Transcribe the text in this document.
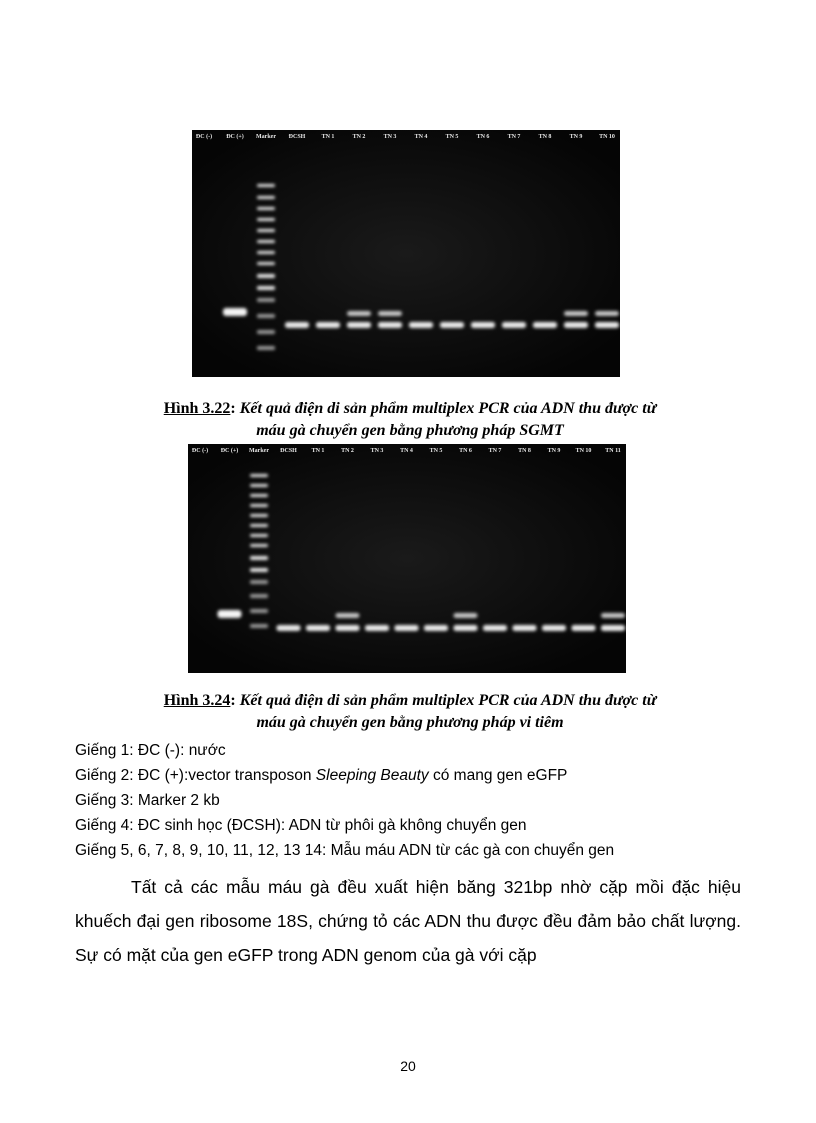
ĐC (-) ĐC (+) Marker ĐCSH	TN 1	TN 2	TN 3	TN 4	TN 5	TN 6	TN 7	TN 8	TN 9	TN 10
Hình 3.22: Kết quả điện di sản phẩm multiplex PCR của ADN thu được từ
máu gà chuyển gen bằng phương pháp SGMT
ĐC (-) ĐC (+) Marker ĐCSH TN 1	TN 2	TN 3	TN 4	TN 5	TN 6	TN 7	TN 8	TN 9	TN 10 TN 11
Hình 3.24: Kết quả điện di sản phẩm multiplex PCR của ADN thu được từ
máu gà chuyển gen bằng phương pháp vi tiêm
Giếng 1: ĐC (-): nước
Giếng 2: ĐC (+):vector transposon Sleeping Beauty có mang gen eGFP
Giếng 3: Marker 2 kb
Giếng 4: ĐC sinh học (ĐCSH): ADN từ phôi gà không chuyển gen
Giếng 5, 6, 7, 8, 9, 10, 11, 12, 13 14: Mẫu máu ADN từ các gà con chuyển gen

Tất cả các mẫu máu gà đều xuất hiện băng 321bp nhờ cặp mồi đặc hiệu khuếch đại gen ribosome 18S, chứng tỏ các ADN thu được đều đảm bảo chất lượng. Sự có mặt của gen eGFP trong ADN genom của gà với cặp

20
